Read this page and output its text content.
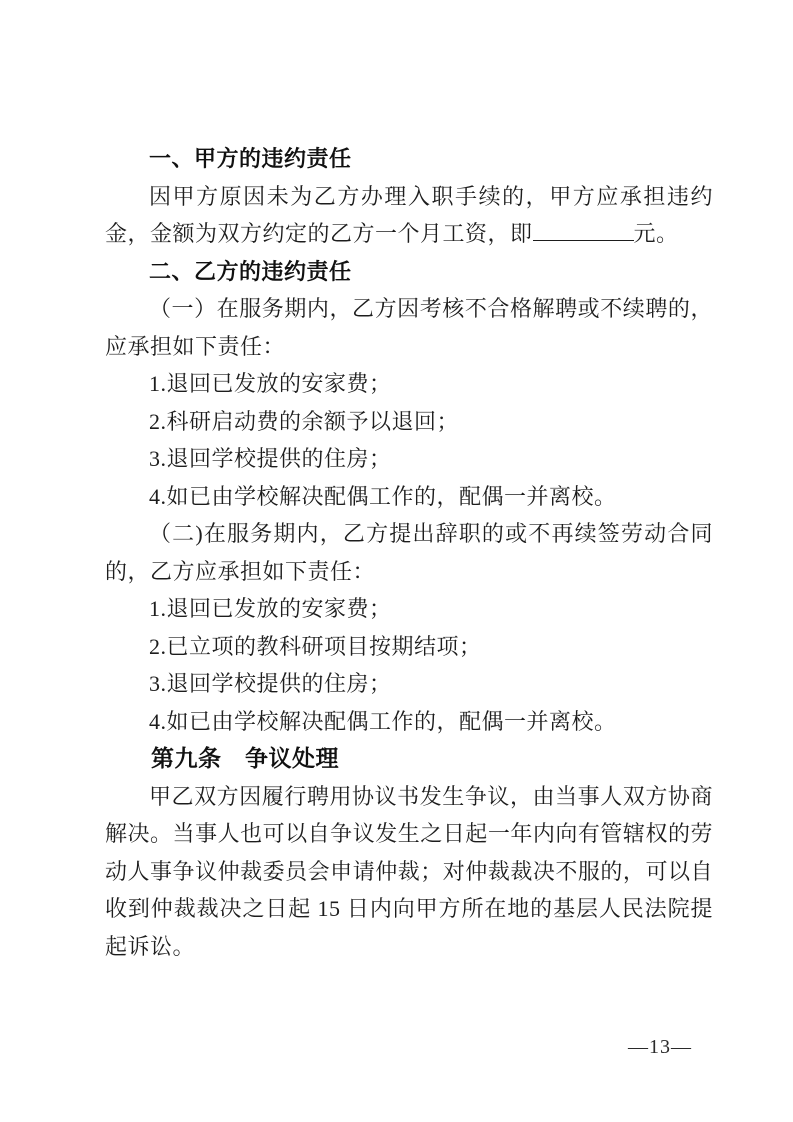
一、甲方的违约责任

因甲方原因未为乙方办理入职手续的，甲方应承担违约金，金额为双方约定的乙方一个月工资，即	元。

二、乙方的违约责任

（一）在服务期内，乙方因考核不合格解聘或不续聘的，应承担如下责任：

1.退回已发放的安家费；

2.科研启动费的余额予以退回；

3.退回学校提供的住房；

4.如已由学校解决配偶工作的，配偶一并离校。

（二)在服务期内，乙方提出辞职的或不再续签劳动合同的，乙方应承担如下责任：

1.退回已发放的安家费；

2.已立项的教科研项目按期结项；

3.退回学校提供的住房；

4.如已由学校解决配偶工作的，配偶一并离校。

第九条　争议处理

甲乙双方因履行聘用协议书发生争议，由当事人双方协商解决。当事人也可以自争议发生之日起一年内向有管辖权的劳动人事争议仲裁委员会申请仲裁；对仲裁裁决不服的，可以自收到仲裁裁决之日起 15 日内向甲方所在地的基层人民法院提起诉讼。

—13—
